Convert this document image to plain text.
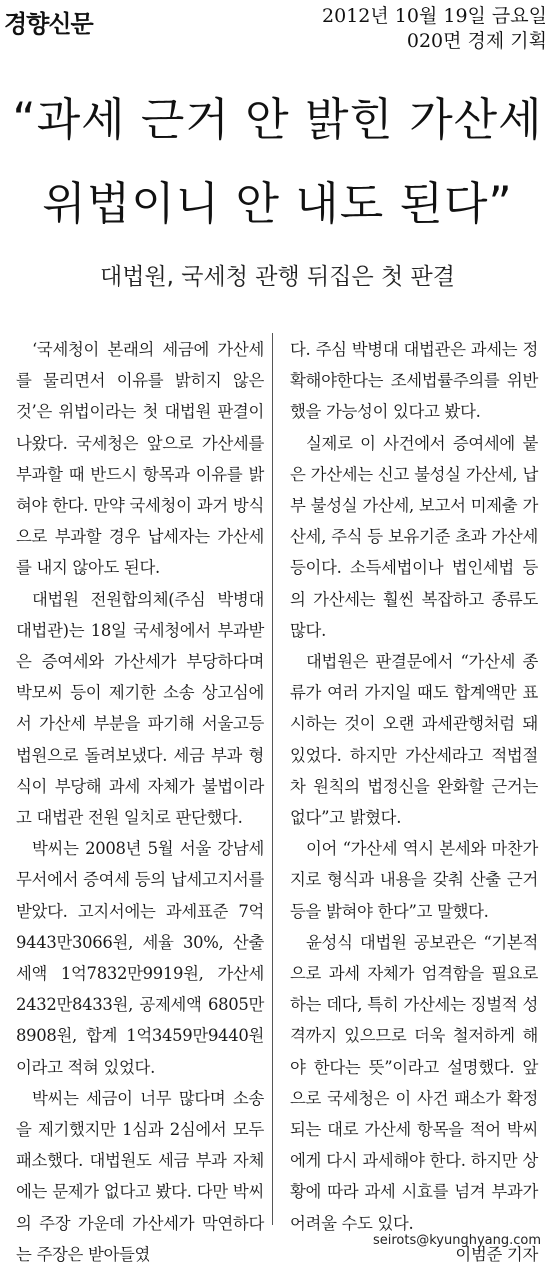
경향신문	2012년 10월 19일 금요일
020면 경제 기획
“과세 근거 안 밝힌 가산세
위법이니 안 내도 된다”
대법원, 국세청 관행 뒤집은 첫 판결

‘국세청이 본래의 세금에 가산세를 물리면서 이유를 밝히지 않은 것’은 위법이라는 첫 대법원 판결이 나왔다. 국세청은 앞으로 가산세를 부과할 때 반드시 항목과 이유를 밝혀야 한다. 만약 국세청이 과거 방식으로 부과할 경우 납세자는 가산세를 내지 않아도 된다.

대법원 전원합의체(주심 박병대 대법관)는 18일 국세청에서 부과받은 증여세와 가산세가 부당하다며 박모씨 등이 제기한 소송 상고심에서 가산세 부분을 파기해 서울고등법원으로 돌려보냈다. 세금 부과 형식이 부당해 과세 자체가 불법이라고 대법관 전원 일치로 판단했다.

박씨는 2008년 5월 서울 강남세무서에서 증여세 등의 납세고지서를 받았다. 고지서에는 과세표준 7억9443만3066원, 세율 30%, 산출세액 1억7832만9919원, 가산세 2432만8433원, 공제세액 6805만8908원, 합계 1억3459만9440원이라고 적혀 있었다.

박씨는 세금이 너무 많다며 소송을 제기했지만 1심과 2심에서 모두 패소했다. 대법원도 세금 부과 자체에는 문제가 없다고 봤다. 다만 박씨의 주장 가운데 가산세가 막연하다는 주장은 받아들였

다. 주심 박병대 대법관은 과세는 정확해야한다는 조세법률주의를 위반했을 가능성이 있다고 봤다.

실제로 이 사건에서 증여세에 붙은 가산세는 신고 불성실 가산세, 납부 불성실 가산세, 보고서 미제출 가산세, 주식 등 보유기준 초과 가산세 등이다. 소득세법이나 법인세법 등의 가산세는 훨씬 복잡하고 종류도 많다.

대법원은 판결문에서 “가산세 종류가 여러 가지일 때도 합계액만 표시하는 것이 오랜 과세관행처럼 돼 있었다. 하지만 가산세라고 적법절차 원칙의 법정신을 완화할 근거는 없다”고 밝혔다.

이어 “가산세 역시 본세와 마찬가지로 형식과 내용을 갖춰 산출 근거 등을 밝혀야 한다”고 말했다.

윤성식 대법원 공보관은 “기본적으로 과세 자체가 엄격함을 필요로 하는 데다, 특히 가산세는 징벌적 성격까지 있으므로 더욱 철저하게 해야 한다는 뜻”이라고 설명했다. 앞으로 국세청은 이 사건 패소가 확정되는 대로 가산세 항목을 적어 박씨에게 다시 과세해야 한다. 하지만 상황에 따라 과세 시효를 넘겨 부과가 어려울 수도 있다.

이범준 기자

seirots@kyunghyang.com
